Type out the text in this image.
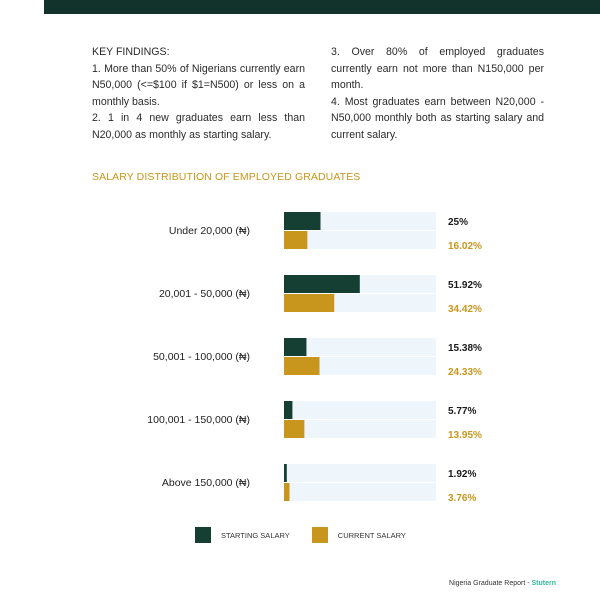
KEY FINDINGS:

1. More than 50% of Nigerians currently earn N50,000 (<=$100 if $1=N500) or less on a monthly basis.

2. 1 in 4 new graduates earn less than N20,000 as monthly as starting salary.

3. Over 80% of employed graduates currently earn not more than N150,000 per month.

4. Most graduates earn between N20,000 - N50,000 monthly both as starting salary and current salary.

SALARY DISTRIBUTION OF EMPLOYED GRADUATES
Under 20,000 (₦)
25%
16.02%
20,001 - 50,000 (₦)
51.92%
34.42%
50,001 - 100,000 (₦)
15.38%
24.33%
100,001 - 150,000 (₦)
5.77%
13.95%
Above 150,000 (₦)
1.92%
3.76%
STARTING SALARY	CURRENT SALARY
Nigeria Graduate Report - Stutern
